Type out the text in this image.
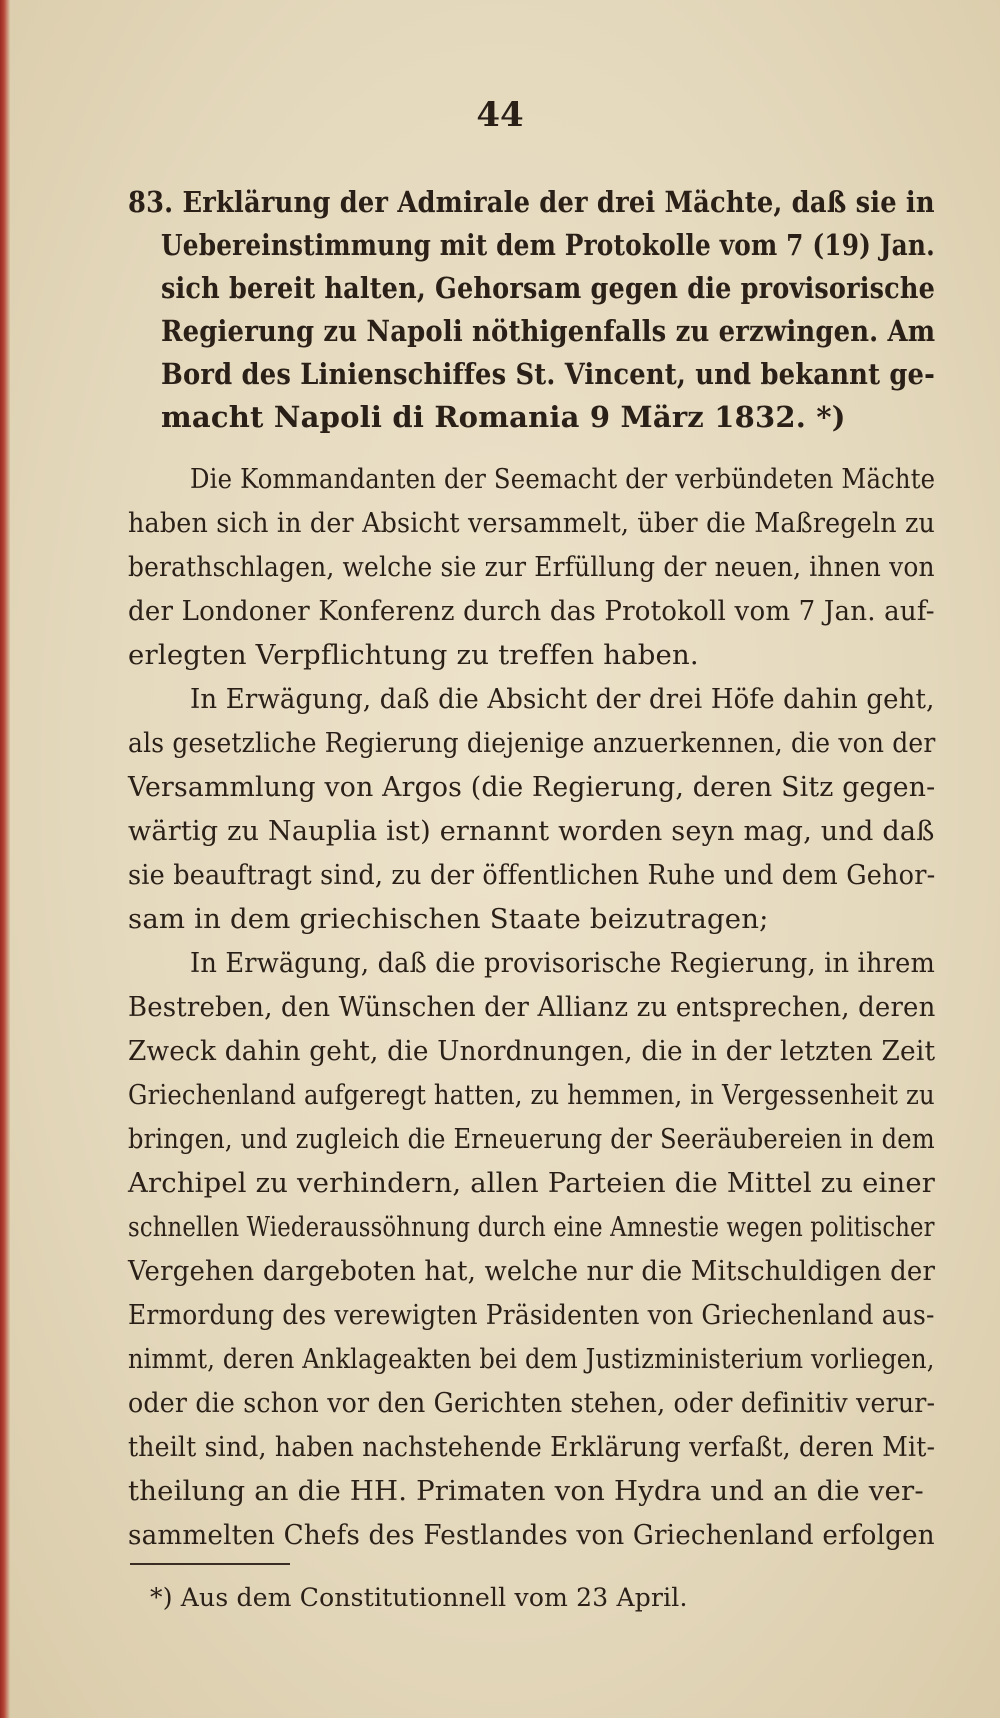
44
83. Erklärung der Admirale der drei Mächte, daß sie in
Uebereinstimmung mit dem Protokolle vom 7 (19) Jan.
sich bereit halten, Gehorsam gegen die provisorische
Regierung zu Napoli nöthigenfalls zu erzwingen. Am
Bord des Linienschiffes St. Vincent, und bekannt ge-
macht Napoli di Romania 9 März 1832. *)
Die Kommandanten der Seemacht der verbündeten Mächte
haben sich in der Absicht versammelt, über die Maßregeln zu
berathschlagen, welche sie zur Erfüllung der neuen, ihnen von
der Londoner Konferenz durch das Protokoll vom 7 Jan. auf-
erlegten Verpflichtung zu treffen haben.
In Erwägung, daß die Absicht der drei Höfe dahin geht,
als gesetzliche Regierung diejenige anzuerkennen, die von der
Versammlung von Argos (die Regierung, deren Sitz gegen-
wärtig zu Nauplia ist) ernannt worden seyn mag, und daß
sie beauftragt sind, zu der öffentlichen Ruhe und dem Gehor-
sam in dem griechischen Staate beizutragen;
In Erwägung, daß die provisorische Regierung, in ihrem
Bestreben, den Wünschen der Allianz zu entsprechen, deren
Zweck dahin geht, die Unordnungen, die in der letzten Zeit
Griechenland aufgeregt hatten, zu hemmen, in Vergessenheit zu
bringen, und zugleich die Erneuerung der Seeräubereien in dem
Archipel zu verhindern, allen Parteien die Mittel zu einer
schnellen Wiederaussöhnung durch eine Amnestie wegen politischer
Vergehen dargeboten hat, welche nur die Mitschuldigen der
Ermordung des verewigten Präsidenten von Griechenland aus-
nimmt, deren Anklageakten bei dem Justizministerium vorliegen,
oder die schon vor den Gerichten stehen, oder definitiv verur-
theilt sind, haben nachstehende Erklärung verfaßt, deren Mit-
theilung an die HH. Primaten von Hydra und an die ver-
sammelten Chefs des Festlandes von Griechenland erfolgen
*) Aus dem Constitutionnell vom 23 April.
